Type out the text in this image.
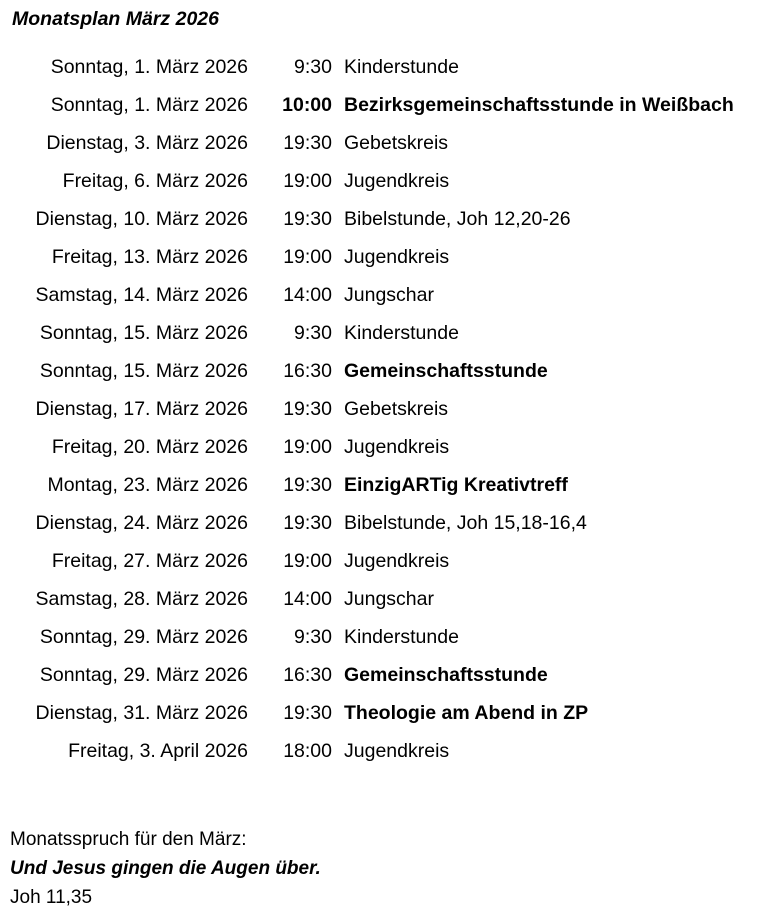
Monatsplan März 2026
Sonntag, 1. März 2026	9:30 Kinderstunde
Sonntag, 1. März 2026	10:00 Bezirksgemeinschaftsstunde in Weißbach
Dienstag, 3. März 2026	19:30 Gebetskreis
Freitag, 6. März 2026	19:00 Jugendkreis
Dienstag, 10. März 2026	19:30 Bibelstunde, Joh 12,20-26
Freitag, 13. März 2026	19:00 Jugendkreis
Samstag, 14. März 2026	14:00 Jungschar
Sonntag, 15. März 2026	9:30 Kinderstunde
Sonntag, 15. März 2026	16:30 Gemeinschaftsstunde
Dienstag, 17. März 2026	19:30 Gebetskreis
Freitag, 20. März 2026	19:00 Jugendkreis
Montag, 23. März 2026	19:30 EinzigARTig Kreativtreff
Dienstag, 24. März 2026	19:30 Bibelstunde, Joh 15,18-16,4
Freitag, 27. März 2026	19:00 Jugendkreis
Samstag, 28. März 2026	14:00 Jungschar
Sonntag, 29. März 2026	9:30 Kinderstunde
Sonntag, 29. März 2026	16:30 Gemeinschaftsstunde
Dienstag, 31. März 2026	19:30 Theologie am Abend in ZP
Freitag, 3. April 2026	18:00 Jugendkreis
Monatsspruch für den März:
Und Jesus gingen die Augen über.
Joh 11,35
